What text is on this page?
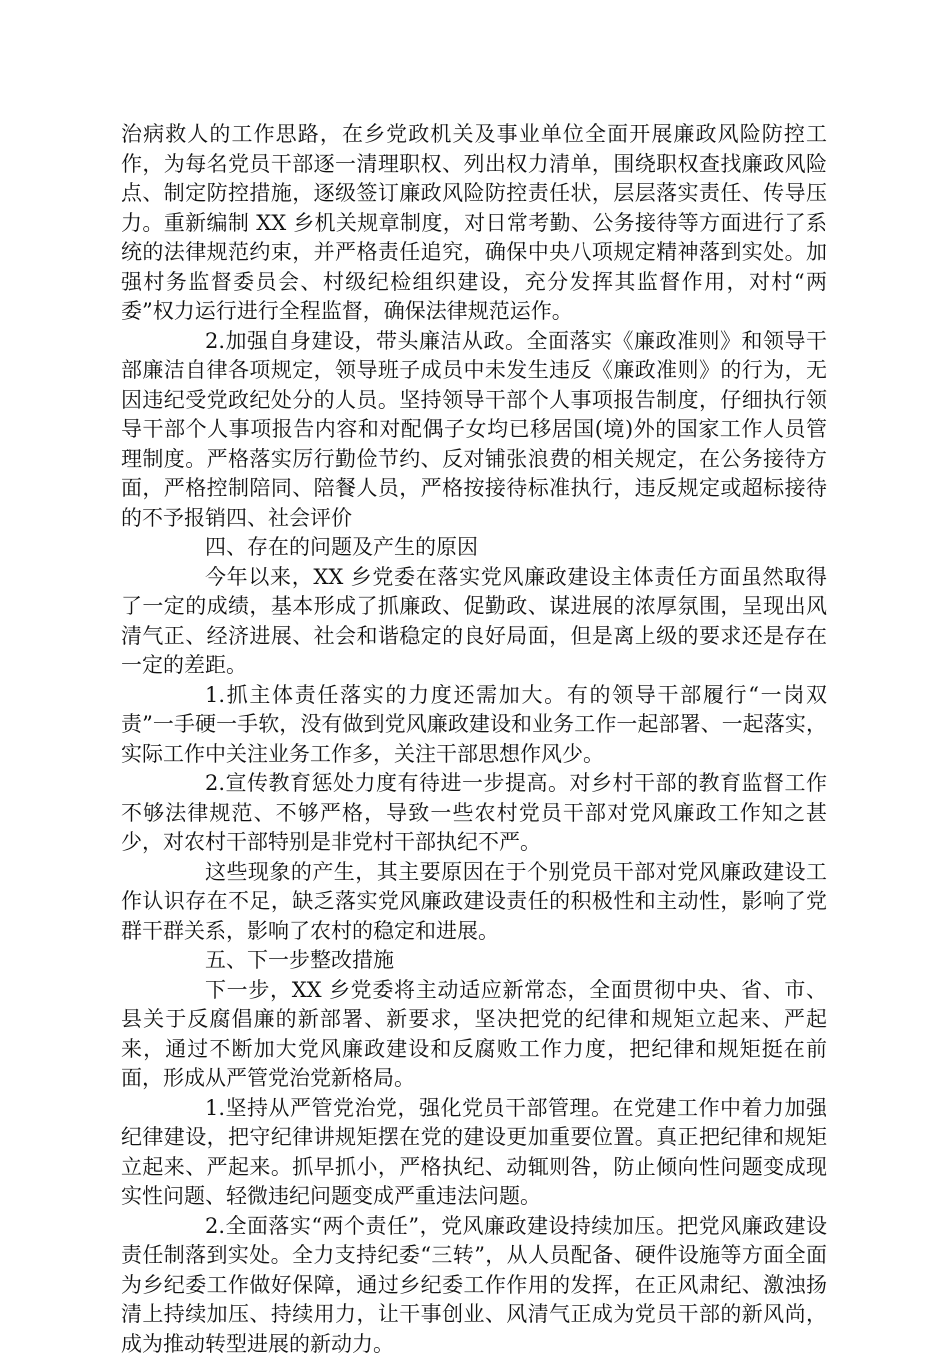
治病救人的工作思路，在乡党政机关及事业单位全面开展廉政风险防控工作，为每名党员干部逐一清理职权、列出权力清单，围绕职权查找廉政风险点、制定防控措施，逐级签订廉政风险防控责任状，层层落实责任、传导压力。重新编制 XX 乡机关规章制度，对日常考勤、公务接待等方面进行了系统的法律规范约束，并严格责任追究，确保中央八项规定精神落到实处。加强村务监督委员会、村级纪检组织建设，充分发挥其监督作用，对村“两委”权力运行进行全程监督，确保法律规范运作。

2.加强自身建设，带头廉洁从政。全面落实《廉政准则》和领导干部廉洁自律各项规定，领导班子成员中未发生违反《廉政准则》的行为，无因违纪受党政纪处分的人员。坚持领导干部个人事项报告制度，仔细执行领导干部个人事项报告内容和对配偶子女均已移居国(境)外的国家工作人员管理制度。严格落实厉行勤俭节约、反对铺张浪费的相关规定，在公务接待方面，严格控制陪同、陪餐人员，严格按接待标准执行，违反规定或超标接待的不予报销四、社会评价

四、存在的问题及产生的原因

今年以来，XX 乡党委在落实党风廉政建设主体责任方面虽然取得了一定的成绩，基本形成了抓廉政、促勤政、谋进展的浓厚氛围，呈现出风清气正、经济进展、社会和谐稳定的良好局面，但是离上级的要求还是存在一定的差距。

1.抓主体责任落实的力度还需加大。有的领导干部履行“一岗双责”一手硬一手软，没有做到党风廉政建设和业务工作一起部署、一起落实，实际工作中关注业务工作多，关注干部思想作风少。

2.宣传教育惩处力度有待进一步提高。对乡村干部的教育监督工作不够法律规范、不够严格，导致一些农村党员干部对党风廉政工作知之甚少，对农村干部特别是非党村干部执纪不严。

这些现象的产生，其主要原因在于个别党员干部对党风廉政建设工作认识存在不足，缺乏落实党风廉政建设责任的积极性和主动性，影响了党群干群关系，影响了农村的稳定和进展。

五、下一步整改措施

下一步，XX 乡党委将主动适应新常态，全面贯彻中央、省、市、县关于反腐倡廉的新部署、新要求，坚决把党的纪律和规矩立起来、严起来，通过不断加大党风廉政建设和反腐败工作力度，把纪律和规矩挺在前面，形成从严管党治党新格局。

1.坚持从严管党治党，强化党员干部管理。在党建工作中着力加强纪律建设，把守纪律讲规矩摆在党的建设更加重要位置。真正把纪律和规矩立起来、严起来。抓早抓小，严格执纪、动辄则咎，防止倾向性问题变成现实性问题、轻微违纪问题变成严重违法问题。

2.全面落实“两个责任”，党风廉政建设持续加压。把党风廉政建设责任制落到实处。全力支持纪委“三转”，从人员配备、硬件设施等方面全面为乡纪委工作做好保障，通过乡纪委工作作用的发挥，在正风肃纪、激浊扬清上持续加压、持续用力，让干事创业、风清气正成为党员干部的新风尚，成为推动转型进展的新动力。
